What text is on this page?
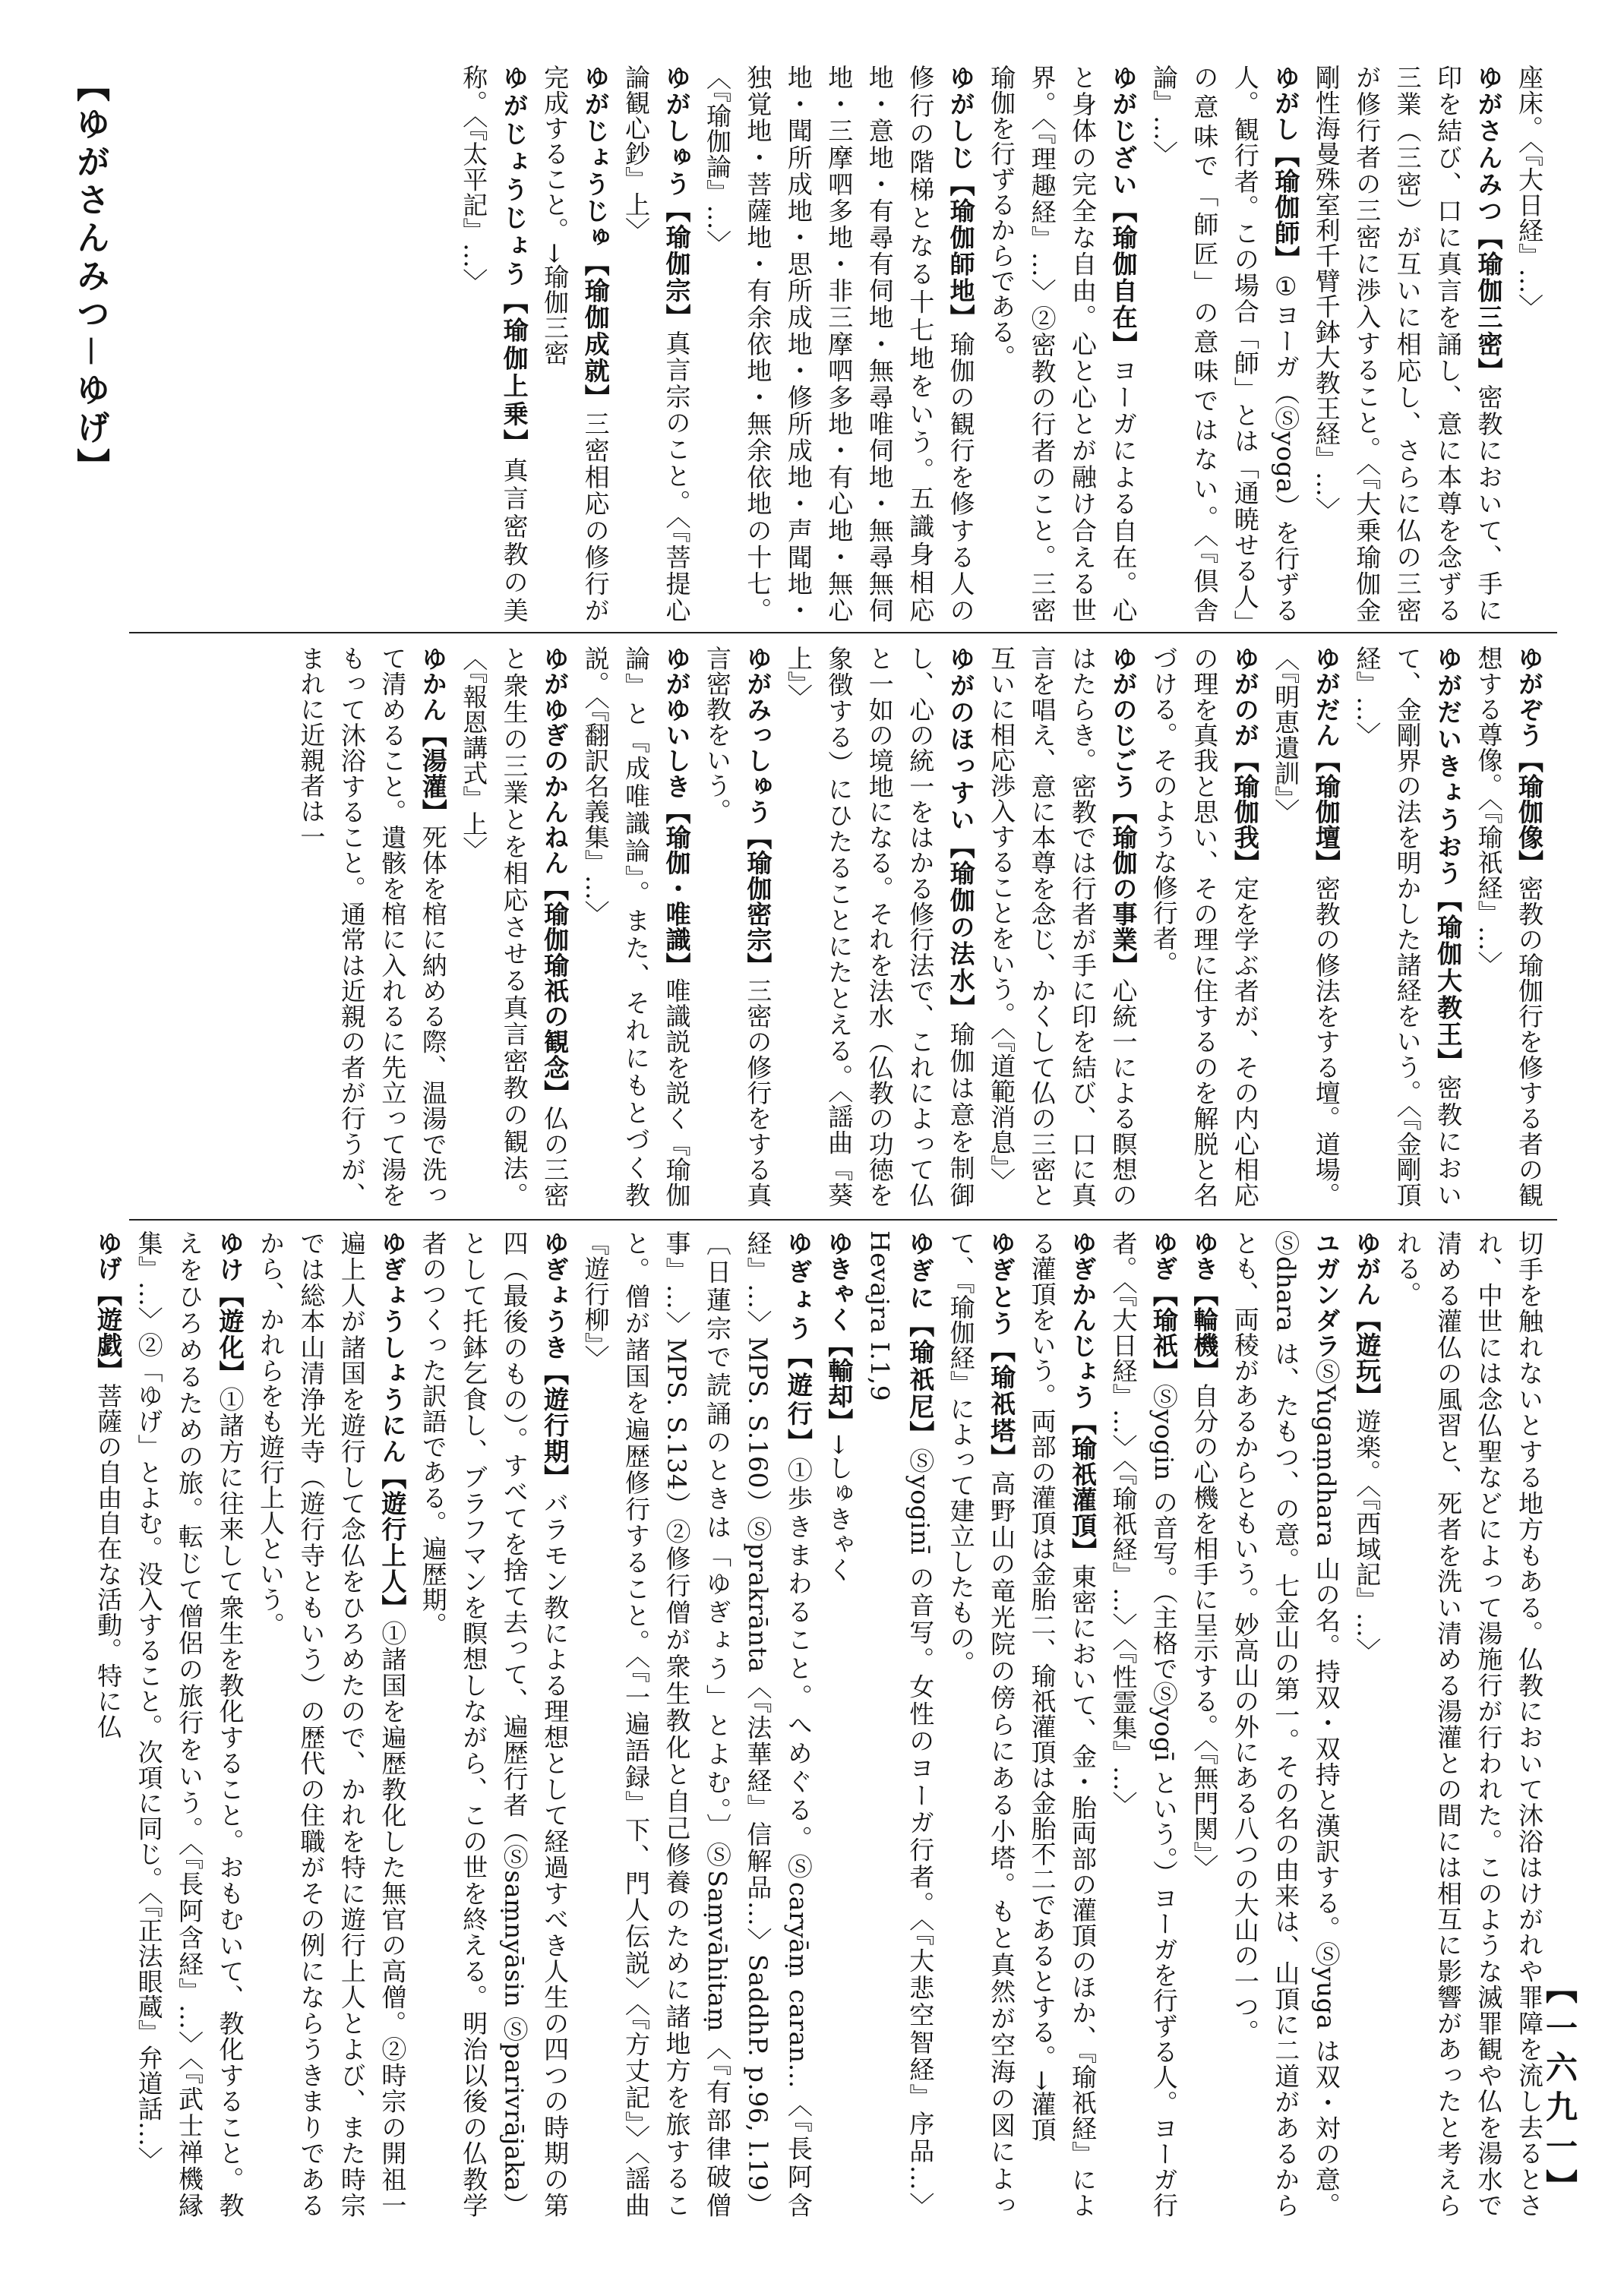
【ゆがさんみつ－ゆげ】	座床。〈『大日経』…〉ゆがさんみつ【瑜伽三密】密教において、手に印を結び、口に真言を誦し、意に本尊を念ずる三業（三密）が互いに相応し、さらに仏の三密が修行者の三密に渉入すること。〈『大乗瑜伽金剛性海曼殊室利千臂千鉢大教王経』…〉ゆがし【瑜伽師】①ヨーガ（Ⓢyoga）を行ずる人。観行者。この場合「師」とは「通暁せる人」の意味で「師匠」の意味ではない。〈『倶舎論』…〉ゆがじざい【瑜伽自在】ヨーガによる自在。心と身体の完全な自由。心と心とが融け合える世界。〈『理趣経』…〉②密教の行者のこと。三密瑜伽を行ずるからである。ゆがしじ【瑜伽師地】瑜伽の観行を修する人の修行の階梯となる十七地をいう。五識身相応地・意地・有尋有伺地・無尋唯伺地・無尋無伺地・三摩呬多地・非三摩呬多地・有心地・無心地・聞所成地・思所成地・修所成地・声聞地・独覚地・菩薩地・有余依地・無余依地の十七。〈『瑜伽論』…〉ゆがしゅう【瑜伽宗】真言宗のこと。〈『菩提心論観心鈔』上〉ゆがじょうじゅ【瑜伽成就】三密相応の修行が完成すること。→瑜伽三密ゆがじょうじょう【瑜伽上乗】真言密教の美称。〈『太平記』…〉
ゆがぞう【瑜伽像】密教の瑜伽行を修する者の観想する尊像。〈『瑜祇経』…〉ゆがだいきょうおう【瑜伽大教王】密教において、金剛界の法を明かした諸経をいう。〈『金剛頂経』…〉ゆがだん【瑜伽壇】密教の修法をする壇。道場。〈『明恵遺訓』〉ゆがのが【瑜伽我】定を学ぶ者が、その内心相応の理を真我と思い、その理に住するのを解脱と名づける。そのような修行者。ゆがのじごう【瑜伽の事業】心統一による瞑想のはたらき。密教では行者が手に印を結び、口に真言を唱え、意に本尊を念じ、かくして仏の三密と互いに相応渉入することをいう。〈『道範消息』〉ゆがのほっすい【瑜伽の法水】瑜伽は意を制御し、心の統一をはかる修行法で、これによって仏と一如の境地になる。それを法水（仏教の功徳を象徴する）にひたることにたとえる。〈謡曲『葵上』〉ゆがみっしゅう【瑜伽密宗】三密の修行をする真言密教をいう。ゆがゆいしき【瑜伽・唯識】唯識説を説く『瑜伽論』と『成唯識論』。また、それにもとづく教説。〈『翻訳名義集』…〉ゆがゆぎのかんねん【瑜伽瑜祇の観念】仏の三密と衆生の三業とを相応させる真言密教の観法。〈『報恩講式』上〉ゆかん【湯灌】死体を棺に納める際、温湯で洗って清めること。遺骸を棺に入れるに先立って湯をもって沐浴すること。通常は近親の者が行うが、まれに近親者は一
切手を触れないとする地方もある。仏教において沐浴はけがれや罪障を流し去るとされ、中世には念仏聖などによって湯施行が行われた。このような滅罪観や仏を湯水で清める灌仏の風習と、死者を洗い清める湯灌との間には相互に影響があったと考えられる。ゆがん【遊玩】遊楽。〈『西域記』…〉ユガンダラⓈYugaṃdhara 山の名。持双・双持と漢訳する。Ⓢyuga は双・対の意。Ⓢdhara は、たもつ、の意。七金山の第一。その名の由来は、山頂に二道があるからとも、両稜があるからともいう。妙高山の外にある八つの大山の一つ。ゆき【輪機】自分の心機を相手に呈示する。〈『無門関』〉ゆぎ【瑜祇】Ⓢyogin の音写。（主格でⓈyogī という。）ヨーガを行ずる人。ヨーガ行者。〈『大日経』…〉〈『瑜祇経』…〉〈『性霊集』…〉ゆぎかんじょう【瑜祇灌頂】東密において、金・胎両部の灌頂のほか、『瑜祇経』による灌頂をいう。両部の灌頂は金胎二、瑜祇灌頂は金胎不二であるとする。→灌頂ゆぎとう【瑜祇塔】高野山の竜光院の傍らにある小塔。もと真然が空海の図によって、『瑜伽経』によって建立したもの。ゆぎに【瑜祇尼】Ⓢyoginī の音写。女性のヨーガ行者。〈『大悲空智経』序品…〉Hevajra I.1,9ゆきゃく【輸却】→しゅきゃくゆぎょう【遊行】①歩きまわること。へめぐる。Ⓢcaryāṃ caran…〈『長阿含経』…〉MPS. S.160）Ⓢprakrānta〈『法華経』信解品…〉SaddhP. p.96, l.19）〔日蓮宗で読誦のときは「ゆぎょう」とよむ。〕ⓈSaṃvāhitaṃ〈『有部律破僧事』…〉MPS. S.134）②修行僧が衆生教化と自己修養のために諸地方を旅すること。僧が諸国を遍歴修行すること。〈『一遍語録』下、門人伝説〉〈『方丈記』〉〈謡曲『遊行柳』〉ゆぎょうき【遊行期】バラモン教による理想として経過すべき人生の四つの時期の第四（最後のもの）。すべてを捨て去って、遍歴行者（Ⓢsaṃnyāsin Ⓢparivrājaka）として托鉢乞食し、ブラフマンを瞑想しながら、この世を終える。明治以後の仏教学者のつくった訳語である。遍歴期。ゆぎょうしょうにん【遊行上人】①諸国を遍歴教化した無官の高僧。②時宗の開祖一遍上人が諸国を遊行して念仏をひろめたので、かれを特に遊行上人とよび、また時宗では総本山清浄光寺（遊行寺ともいう）の歴代の住職がその例にならうきまりであるから、かれらをも遊行上人という。ゆけ【遊化】①諸方に往来して衆生を教化すること。おもむいて、教化すること。教えをひろめるための旅。転じて僧侶の旅行をいう。〈『長阿含経』…〉〈『武士禅機縁集』…〉②「ゆげ」とよむ。没入すること。次項に同じ。〈『正法眼蔵』弁道話…〉ゆげ【遊戯】菩薩の自由自在な活動。特に仏
【一六九一】
